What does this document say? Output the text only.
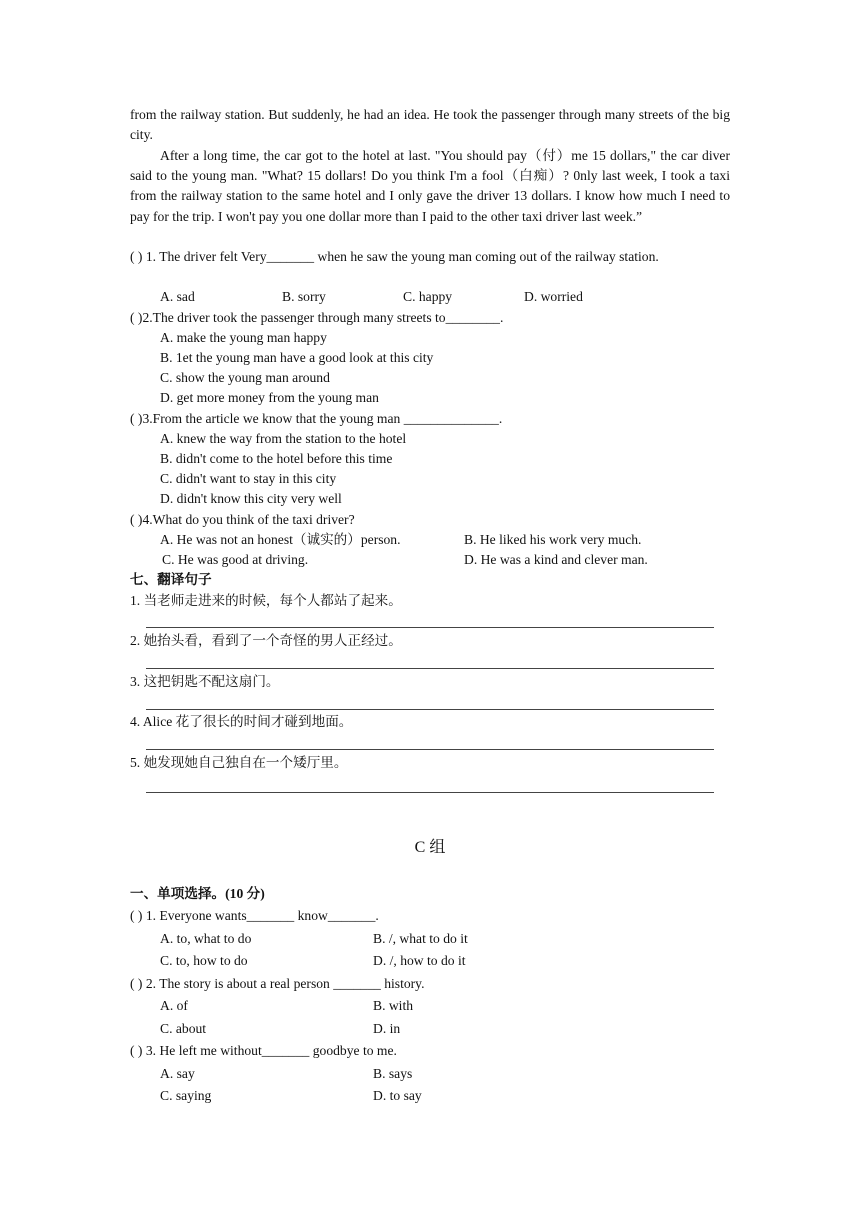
from the railway station. But suddenly, he had an idea. He took the passenger through many streets of the big city.
After a long time, the car got to the hotel at last. "You should pay（付）me 15 dollars," the car diver said to the young man. "What? 15 dollars! Do you think I'm a fool（白痴）? 0nly last week, I took a taxi from the railway station to the same hotel and I only gave the driver 13 dollars. I know how much I need to pay for the trip. I won't pay you one dollar more than I paid to the other taxi driver last week.”
( ) 1. The driver felt Very_______ when he saw the young man coming out of the railway station.
A. sad	B. sorry	C. happy	D. worried
( )2.The driver took the passenger through many streets to________.
A. make the young man happy
B. 1et the young man have a good look at this city
C. show the young man around
D. get more money from the young man
( )3.From the article we know that the young man ______________.
A. knew the way from the station to the hotel
B. didn't come to the hotel before this time
C. didn't want to stay in this city
D. didn't know this city very well
( )4.What do you think of the taxi driver?
A. He was not an honest（诚实的）person.	B. He liked his work very much.
C. He was good at driving.	D. He was a kind and clever man.
七、翻译句子
1. 当老师走进来的时候，每个人都站了起来。
2. 她抬头看，看到了一个奇怪的男人正经过。
3. 这把钥匙不配这扇门。
4. Alice 花了很长的时间才碰到地面。
5. 她发现她自己独自在一个矮厅里。
C 组
一、单项选择。(10 分)
( ) 1. Everyone wants_______ know_______.
A. to, what to do	B. /, what to do it
C. to, how to do	D. /, how to do it
( ) 2. The story is about a real person _______ history.
A. of	B. with
C. about	D. in
( ) 3. He left me without_______ goodbye to me.
A. say	B. says
C. saying	D. to say
